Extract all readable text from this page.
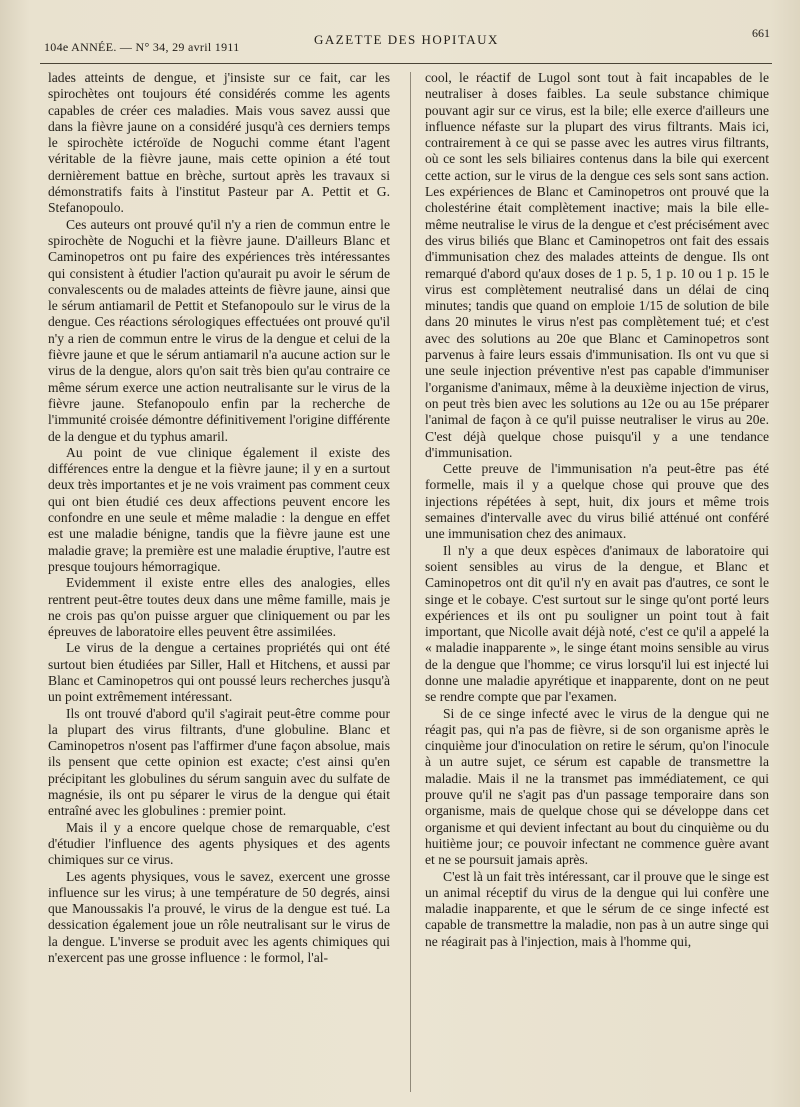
104e ANNÉE. — N° 34, 29 avril 1911	GAZETTE DES HOPITAUX	661

lades atteints de dengue, et j'insiste sur ce fait, car les spirochètes ont toujours été considérés comme les agents capables de créer ces maladies. Mais vous savez aussi que dans la fièvre jaune on a considéré jusqu'à ces derniers temps le spirochète ictéroïde de Noguchi comme étant l'agent véritable de la fièvre jaune, mais cette opinion a été tout dernièrement battue en brèche, surtout après les travaux si démonstratifs faits à l'institut Pasteur par A. Pettit et G. Stefanopoulo.

Ces auteurs ont prouvé qu'il n'y a rien de commun entre le spirochète de Noguchi et la fièvre jaune. D'ailleurs Blanc et Caminopetros ont pu faire des expériences très intéressantes qui consistent à étudier l'action qu'aurait pu avoir le sérum de convalescents ou de malades atteints de fièvre jaune, ainsi que le sérum antiamaril de Pettit et Stefanopoulo sur le virus de la dengue. Ces réactions sérologiques effectuées ont prouvé qu'il n'y a rien de commun entre le virus de la dengue et celui de la fièvre jaune et que le sérum antiamaril n'a aucune action sur le virus de la dengue, alors qu'on sait très bien qu'au contraire ce même sérum exerce une action neutralisante sur le virus de la fièvre jaune. Stefanopoulo enfin par la recherche de l'immunité croisée démontre définitivement l'origine différente de la dengue et du typhus amaril.

Au point de vue clinique également il existe des différences entre la dengue et la fièvre jaune; il y en a surtout deux très importantes et je ne vois vraiment pas comment ceux qui ont bien étudié ces deux affections peuvent encore les confondre en une seule et même maladie : la dengue en effet est une maladie bénigne, tandis que la fièvre jaune est une maladie grave; la première est une maladie éruptive, l'autre est presque toujours hémorragique.

Evidemment il existe entre elles des analogies, elles rentrent peut-être toutes deux dans une même famille, mais je ne crois pas qu'on puisse arguer que cliniquement ou par les épreuves de laboratoire elles peuvent être assimilées.

Le virus de la dengue a certaines propriétés qui ont été surtout bien étudiées par Siller, Hall et Hitchens, et aussi par Blanc et Caminopetros qui ont poussé leurs recherches jusqu'à un point extrêmement intéressant.

Ils ont trouvé d'abord qu'il s'agirait peut-être comme pour la plupart des virus filtrants, d'une globuline. Blanc et Caminopetros n'osent pas l'affirmer d'une façon absolue, mais ils pensent que cette opinion est exacte; c'est ainsi qu'en précipitant les globulines du sérum sanguin avec du sulfate de magnésie, ils ont pu séparer le virus de la dengue qui était entraîné avec les globulines : premier point.

Mais il y a encore quelque chose de remarquable, c'est d'étudier l'influence des agents physiques et des agents chimiques sur ce virus.

Les agents physiques, vous le savez, exercent une grosse influence sur les virus; à une température de 50 degrés, ainsi que Manoussakis l'a prouvé, le virus de la dengue est tué. La dessication également joue un rôle neutralisant sur le virus de la dengue. L'inverse se produit avec les agents chimiques qui n'exercent pas une grosse influence : le formol, l'al-

cool, le réactif de Lugol sont tout à fait incapables de le neutraliser à doses faibles. La seule substance chimique pouvant agir sur ce virus, est la bile; elle exerce d'ailleurs une influence néfaste sur la plupart des virus filtrants. Mais ici, contrairement à ce qui se passe avec les autres virus filtrants, où ce sont les sels biliaires contenus dans la bile qui exercent cette action, sur le virus de la dengue ces sels sont sans action. Les expériences de Blanc et Caminopetros ont prouvé que la cholestérine était complètement inactive; mais la bile elle-même neutralise le virus de la dengue et c'est précisément avec des virus biliés que Blanc et Caminopetros ont fait des essais d'immunisation chez des malades atteints de dengue. Ils ont remarqué d'abord qu'aux doses de 1 p. 5, 1 p. 10 ou 1 p. 15 le virus est complètement neutralisé dans un délai de cinq minutes; tandis que quand on emploie 1/15 de solution de bile dans 20 minutes le virus n'est pas complètement tué; et c'est avec des solutions au 20e que Blanc et Caminopetros sont parvenus à faire leurs essais d'immunisation. Ils ont vu que si une seule injection préventive n'est pas capable d'immuniser l'organisme d'animaux, même à la deuxième injection de virus, on peut très bien avec les solutions au 12e ou au 15e préparer l'animal de façon à ce qu'il puisse neutraliser le virus au 20e. C'est déjà quelque chose puisqu'il y a une tendance d'immunisation.

Cette preuve de l'immunisation n'a peut-être pas été formelle, mais il y a quelque chose qui prouve que des injections répétées à sept, huit, dix jours et même trois semaines d'intervalle avec du virus bilié atténué ont conféré une immunisation chez des animaux.

Il n'y a que deux espèces d'animaux de laboratoire qui soient sensibles au virus de la dengue, et Blanc et Caminopetros ont dit qu'il n'y en avait pas d'autres, ce sont le singe et le cobaye. C'est surtout sur le singe qu'ont porté leurs expériences et ils ont pu souligner un point tout à fait important, que Nicolle avait déjà noté, c'est ce qu'il a appelé la « maladie inapparente », le singe étant moins sensible au virus de la dengue que l'homme; ce virus lorsqu'il lui est injecté lui donne une maladie apyrétique et inapparente, dont on ne peut se rendre compte que par l'examen.

Si de ce singe infecté avec le virus de la dengue qui ne réagit pas, qui n'a pas de fièvre, si de son organisme après le cinquième jour d'inoculation on retire le sérum, qu'on l'inocule à un autre sujet, ce sérum est capable de transmettre la maladie. Mais il ne la transmet pas immédiatement, ce qui prouve qu'il ne s'agit pas d'un passage temporaire dans son organisme, mais de quelque chose qui se développe dans cet organisme et qui devient infectant au bout du cinquième ou du huitième jour; ce pouvoir infectant ne commence guère avant et ne se poursuit jamais après.

C'est là un fait très intéressant, car il prouve que le singe est un animal réceptif du virus de la dengue qui lui confère une maladie inapparente, et que le sérum de ce singe infecté est capable de transmettre la maladie, non pas à un autre singe qui ne réagirait pas à l'injection, mais à l'homme qui,
